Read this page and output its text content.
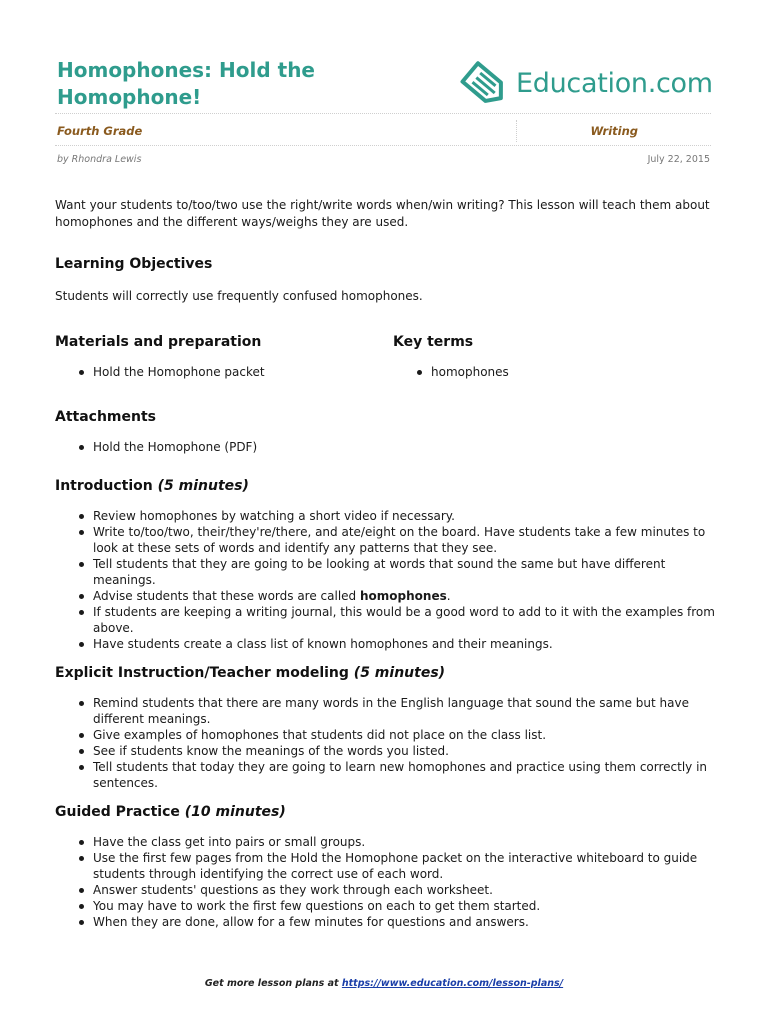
Homophones: Hold the Homophone!	Education.com
Fourth Grade	Writing
by Rhondra Lewis	July 22, 2015
Want your students to/too/two use the right/write words when/win writing? This lesson will teach them about homophones and the different ways/weighs they are used.
Learning Objectives
Students will correctly use frequently confused homophones.
Materials and preparation
Hold the Homophone packet
Key terms
homophones
Attachments
Hold the Homophone (PDF)
Introduction (5 minutes)
Review homophones by watching a short video if necessary.
Write to/too/two, their/they're/there, and ate/eight on the board. Have students take a few minutes to look at these sets of words and identify any patterns that they see.
Tell students that they are going to be looking at words that sound the same but have different meanings.
Advise students that these words are called homophones.
If students are keeping a writing journal, this would be a good word to add to it with the examples from above.
Have students create a class list of known homophones and their meanings.
Explicit Instruction/Teacher modeling (5 minutes)
Remind students that there are many words in the English language that sound the same but have different meanings.
Give examples of homophones that students did not place on the class list.
See if students know the meanings of the words you listed.
Tell students that today they are going to learn new homophones and practice using them correctly in sentences.
Guided Practice (10 minutes)
Have the class get into pairs or small groups.
Use the first few pages from the Hold the Homophone packet on the interactive whiteboard to guide students through identifying the correct use of each word.
Answer students' questions as they work through each worksheet.
You may have to work the first few questions on each to get them started.
When they are done, allow for a few minutes for questions and answers.
Get more lesson plans at https://www.education.com/lesson-plans/
